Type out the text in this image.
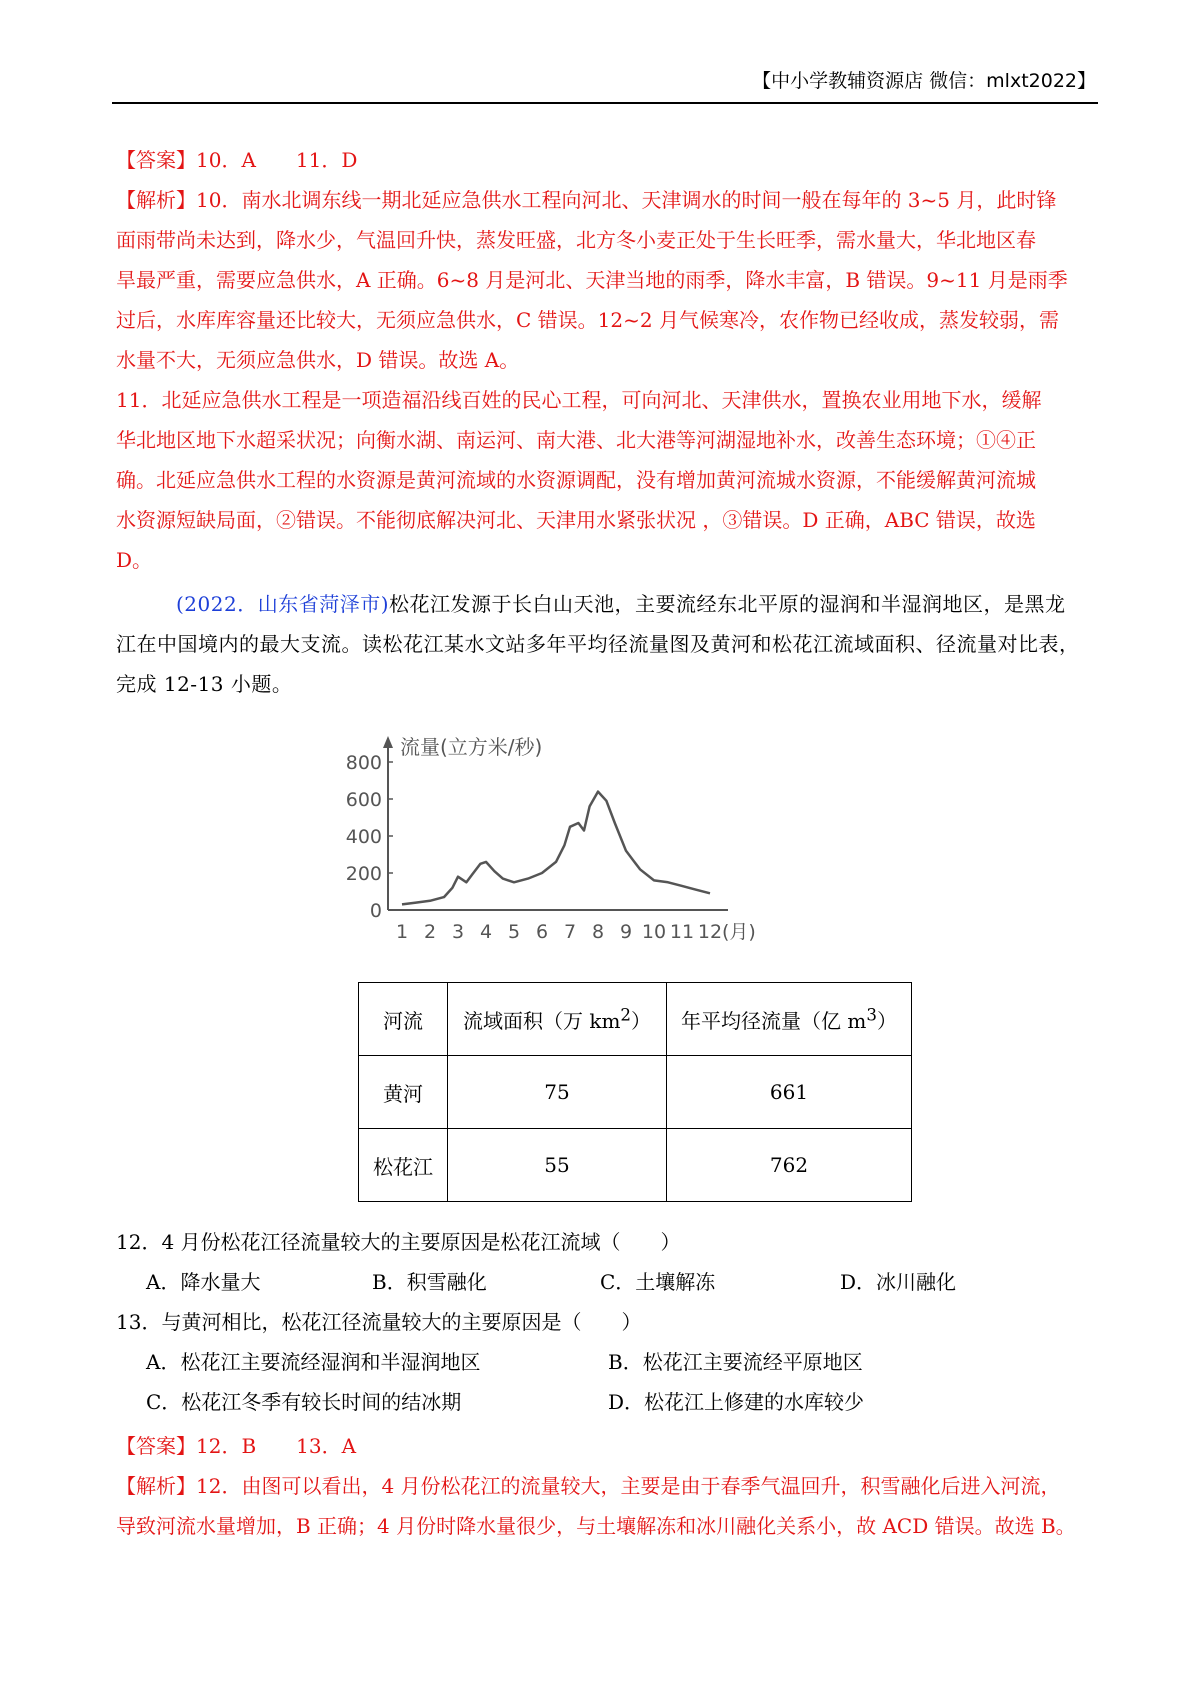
【中小学教辅资源店 微信：mlxt2022】

【答案】10．A　　11．D

【解析】10．南水北调东线一期北延应急供水工程向河北、天津调水的时间一般在每年的 3~5 月，此时锋

面雨带尚未达到，降水少，气温回升快，蒸发旺盛，北方冬小麦正处于生长旺季，需水量大，华北地区春

旱最严重，需要应急供水，A 正确。6~8 月是河北、天津当地的雨季，降水丰富，B 错误。9~11 月是雨季

过后，水库库容量还比较大，无须应急供水，C 错误。12~2 月气候寒冷，农作物已经收成，蒸发较弱，需

水量不大，无须应急供水，D 错误。故选 A。

11．北延应急供水工程是一项造福沿线百姓的民心工程，可向河北、天津供水，置换农业用地下水，缓解

华北地区地下水超采状况；向衡水湖、南运河、南大港、北大港等河湖湿地补水，改善生态环境；①④正

确。北延应急供水工程的水资源是黄河流域的水资源调配，没有增加黄河流城水资源，不能缓解黄河流城

水资源短缺局面，②错误。不能彻底解决河北、天津用水紧张状况 ，③错误。D 正确，ABC 错误，故选

D。

(2022．山东省菏泽市)松花江发源于长白山天池，主要流经东北平原的湿润和半湿润地区，是黑龙

江在中国境内的最大支流。读松花江某水文站多年平均径流量图及黄河和松花江流域面积、径流量对比表，

完成 12-13 小题。

流量(立方米/秒)
800
600
400
200
0
1 2 3 4 5 6 7 8 9 10 11 12 (月)
河流	流域面积（万 $km^2$）	年平均径流量（亿 $m^3$）
黄河	75	661
松花江	55	762
12．4 月份松花江径流量较大的主要原因是松花江流域（　　）
A．降水量大	B．积雪融化	C．土壤解冻	D．冰川融化
13．与黄河相比，松花江径流量较大的主要原因是（　　）
A．松花江主要流经湿润和半湿润地区	B．松花江主要流经平原地区
C．松花江冬季有较长时间的结冰期	D．松花江上修建的水库较少

【答案】12．B　　13．A

【解析】12．由图可以看出，4 月份松花江的流量较大，主要是由于春季气温回升，积雪融化后进入河流，

导致河流水量增加，B 正确；4 月份时降水量很少，与土壤解冻和冰川融化关系小，故 ACD 错误。故选 B。
